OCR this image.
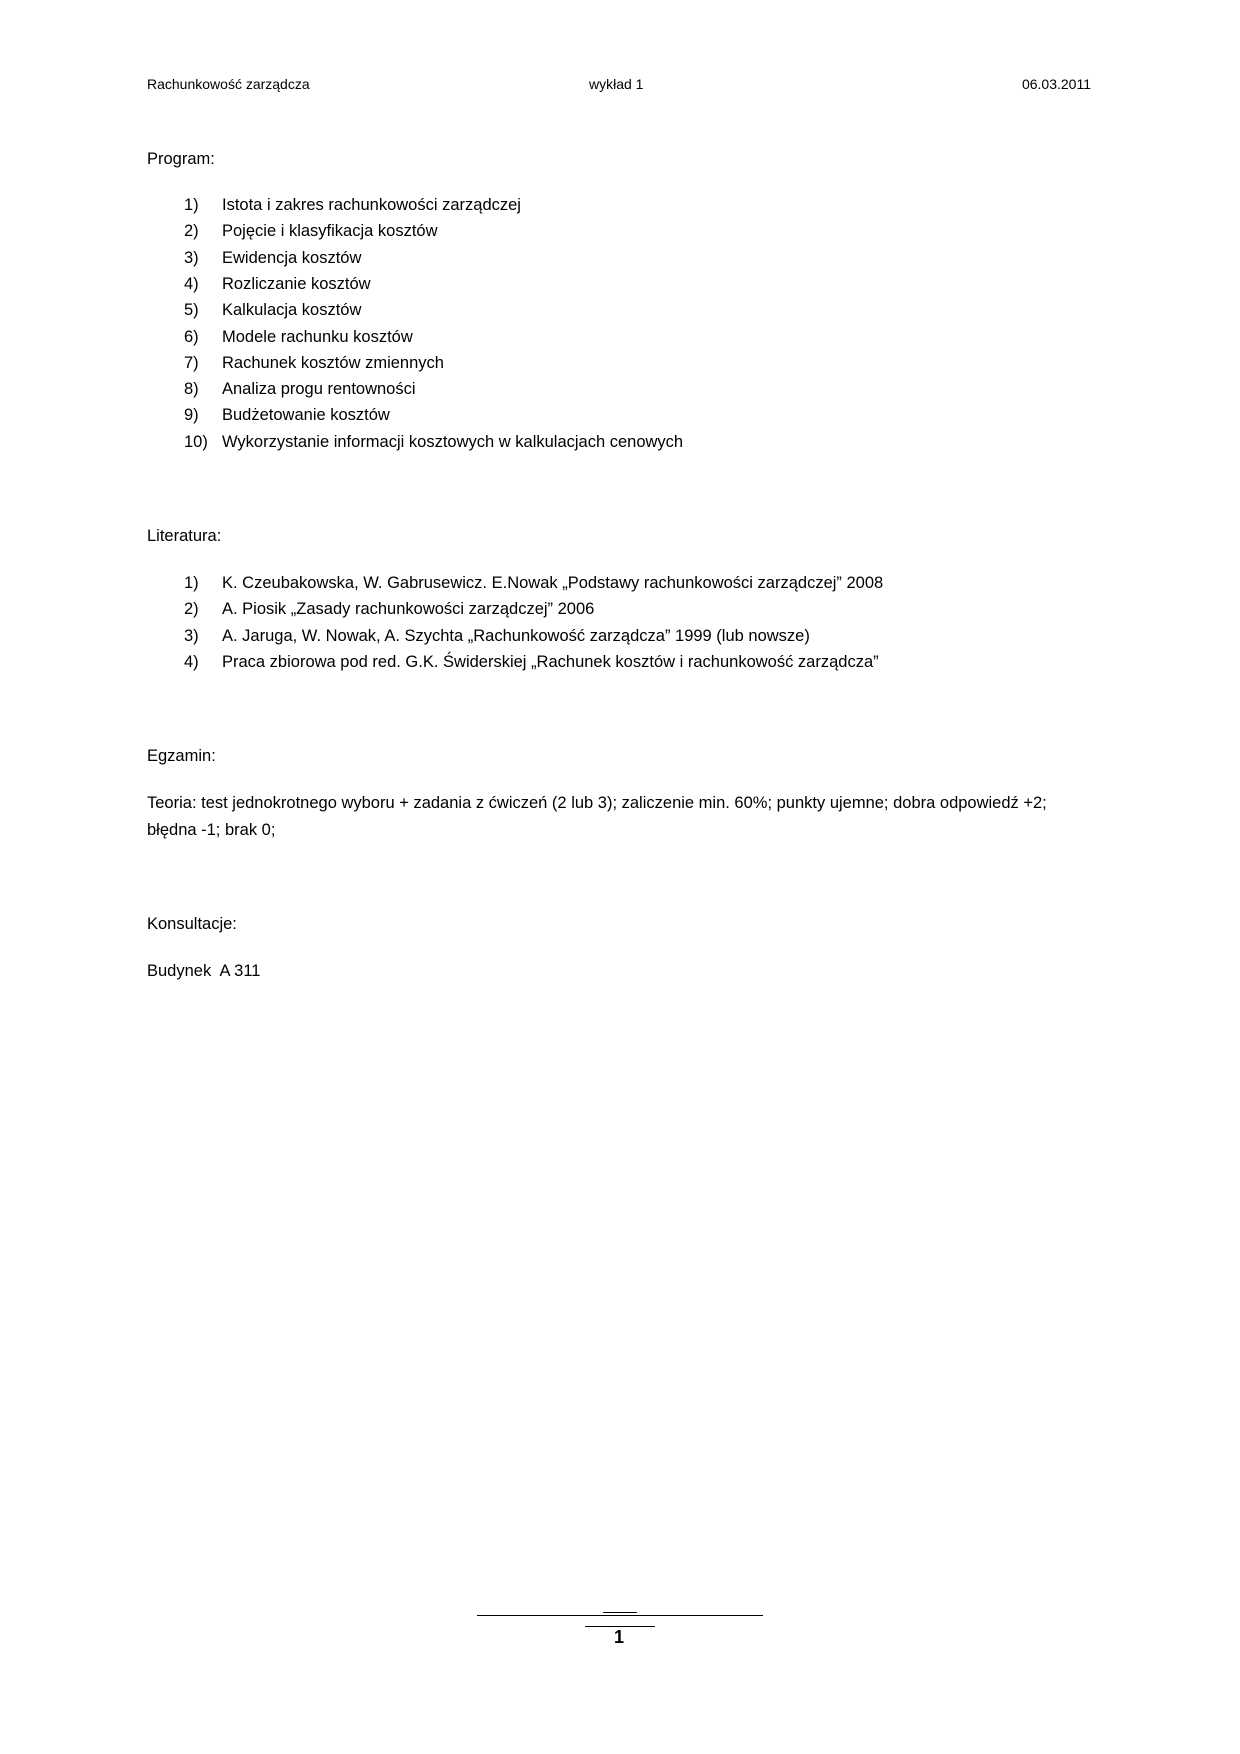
Rachunkowość zarządcza	wykład 1	06.03.2011
Program:
1) Istota i zakres rachunkowości zarządczej
2) Pojęcie i klasyfikacja kosztów
3) Ewidencja kosztów
4) Rozliczanie kosztów
5) Kalkulacja kosztów
6) Modele rachunku kosztów
7) Rachunek kosztów zmiennych
8) Analiza progu rentowności
9) Budżetowanie kosztów
10) Wykorzystanie informacji kosztowych w kalkulacjach cenowych
Literatura:
1) K. Czeubakowska, W. Gabrusewicz. E.Nowak „Podstawy rachunkowości zarządczej” 2008
2) A. Piosik „Zasady rachunkowości zarządczej” 2006
3) A. Jaruga, W. Nowak, A. Szychta „Rachunkowość zarządcza” 1999 (lub nowsze)
4) Praca zbiorowa pod red. G.K. Świderskiej „Rachunek kosztów i rachunkowość zarządcza”
Egzamin:
Teoria: test jednokrotnego wyboru + zadania z ćwiczeń (2 lub 3); zaliczenie min. 60%; punkty ujemne; dobra odpowiedź +2;
błędna -1; brak 0;
Konsultacje:
Budynek  A 311
1
